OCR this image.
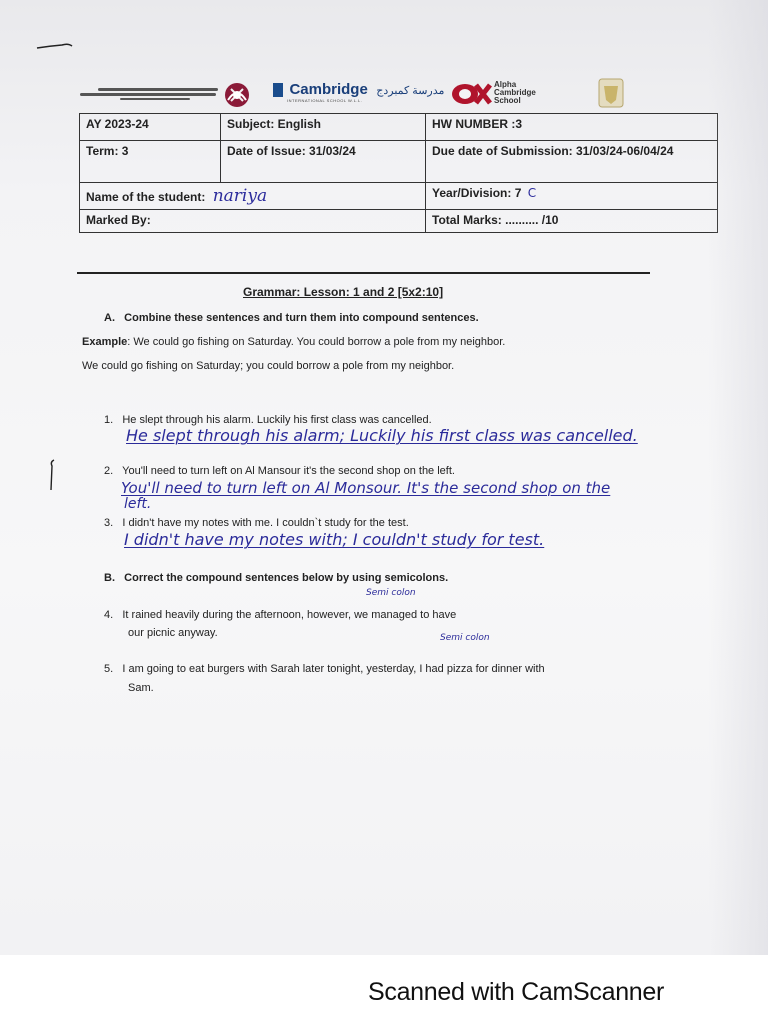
Cambridge مدرسة كمبردج
INTERNATIONAL SCHOOL W.L.L.
Alpha
Cambridge
School
AY 2023-24	Subject: English	HW NUMBER :3
Term: 3	Date of Issue: 31/03/24	Due date of Submission: 31/03/24-06/04/24
Name of the student: nariya		Year/Division: 7 C
Marked By:		Total Marks: .......... /10
Grammar: Lesson: 1 and 2 [5x2:10]
A. Combine these sentences and turn them into compound sentences.
Example: We could go fishing on Saturday. You could borrow a pole from my neighbor.
We could go fishing on Saturday; you could borrow a pole from my neighbor.
1. He slept through his alarm. Luckily his first class was cancelled.
He slept through his alarm; Luckily his first class was cancelled.
2. You'll need to turn left on Al Mansour it's the second shop on the left.
You'll need to turn left on Al Monsour. It's the second shop on the
left.
3. I didn't have my notes with me. I couldn`t study for the test.
I didn't have my notes with; I couldn't study for test.
B. Correct the compound sentences below by using semicolons.
Semi colon
4. It rained heavily during the afternoon, however, we managed to have
our picnic anyway.	Semi colon
5. I am going to eat burgers with Sarah later tonight, yesterday, I had pizza for dinner with
Sam.
Scanned with CamScanner
